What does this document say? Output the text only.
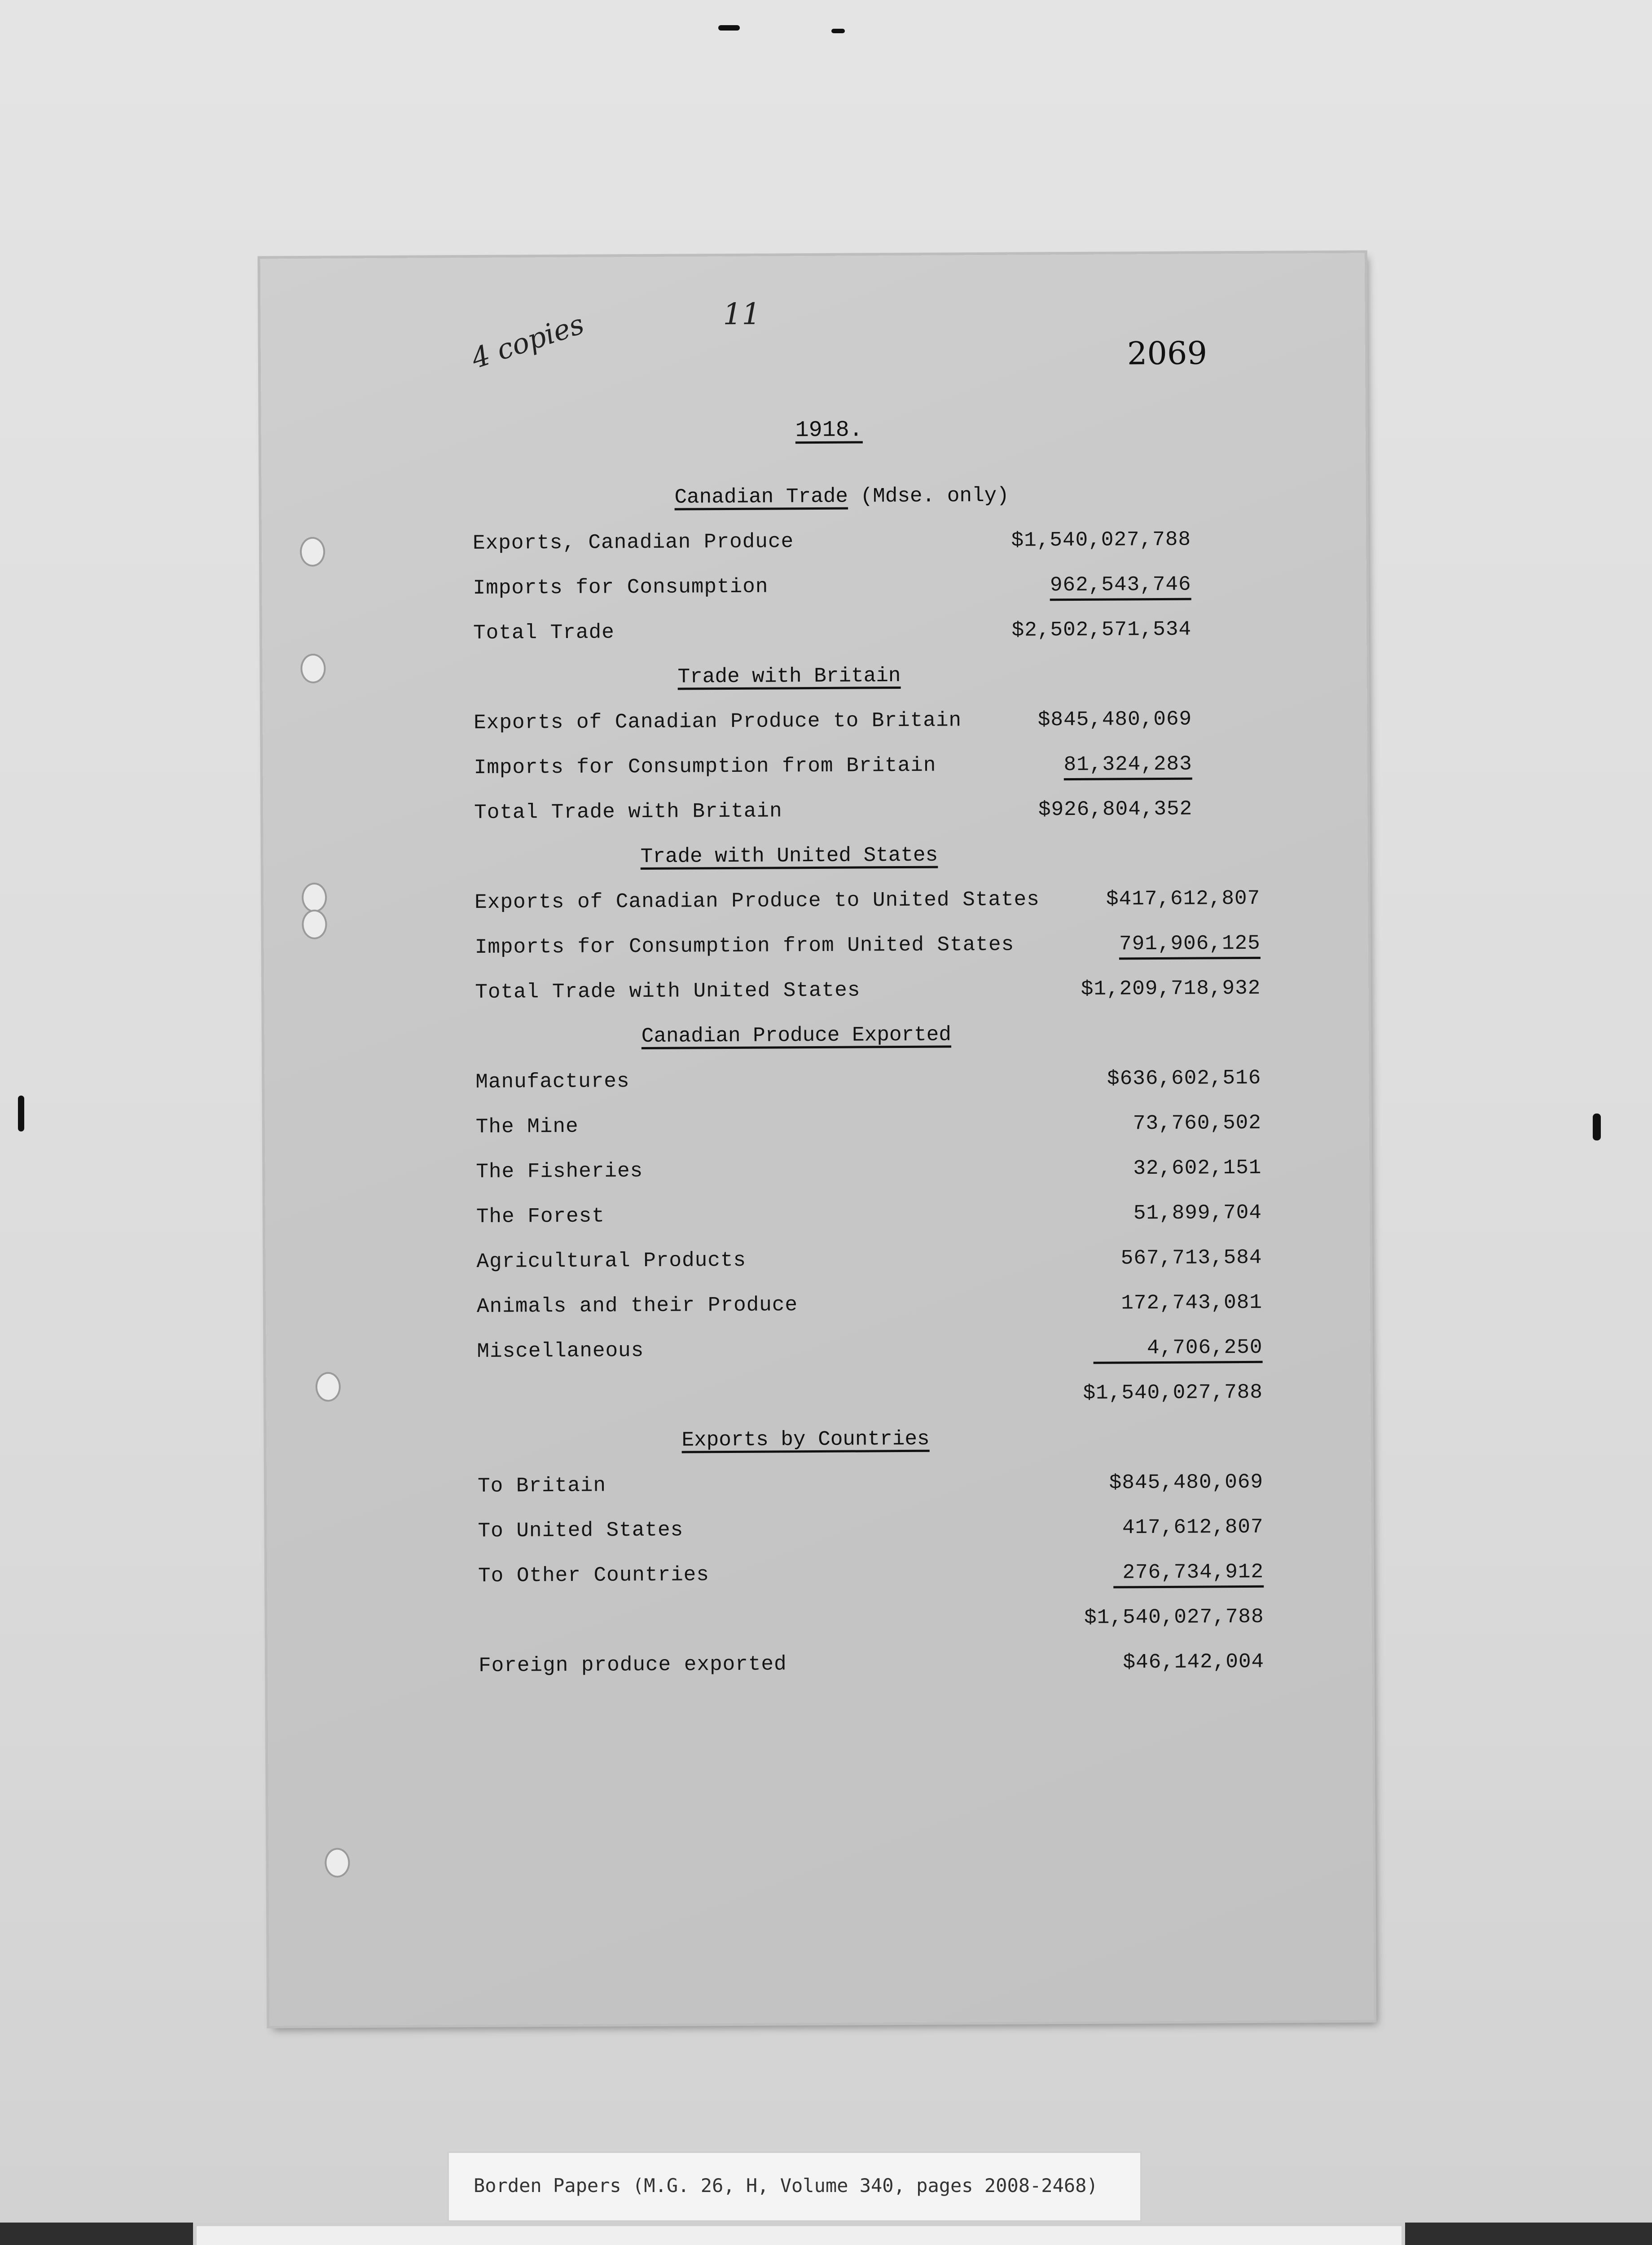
4 copies	11
2069
1918.
Canadian Trade (Mdse. only)
Exports, Canadian Produce	$1,540,027,788
Imports for Consumption	962,543,746
Total Trade	$2,502,571,534
Trade with Britain
Exports of Canadian Produce to Britain	$845,480,069
Imports for Consumption from Britain	81,324,283
Total Trade with Britain	$926,804,352
Trade with United States
Exports of Canadian Produce to United States	$417,612,807
Imports for Consumption from United States	791,906,125
Total Trade with United States	$1,209,718,932
Canadian Produce Exported
Manufactures	$636,602,516
The Mine	73,760,502
The Fisheries	32,602,151
The Forest	51,899,704
Agricultural Products	567,713,584
Animals and their Produce	172,743,081
Miscellaneous	4,706,250
$1,540,027,788
Exports by Countries
To Britain	$845,480,069
To United States	417,612,807
To Other Countries	276,734,912
$1,540,027,788
Foreign produce exported	$46,142,004
Borden Papers (M.G. 26, H, Volume 340, pages 2008-2468)
